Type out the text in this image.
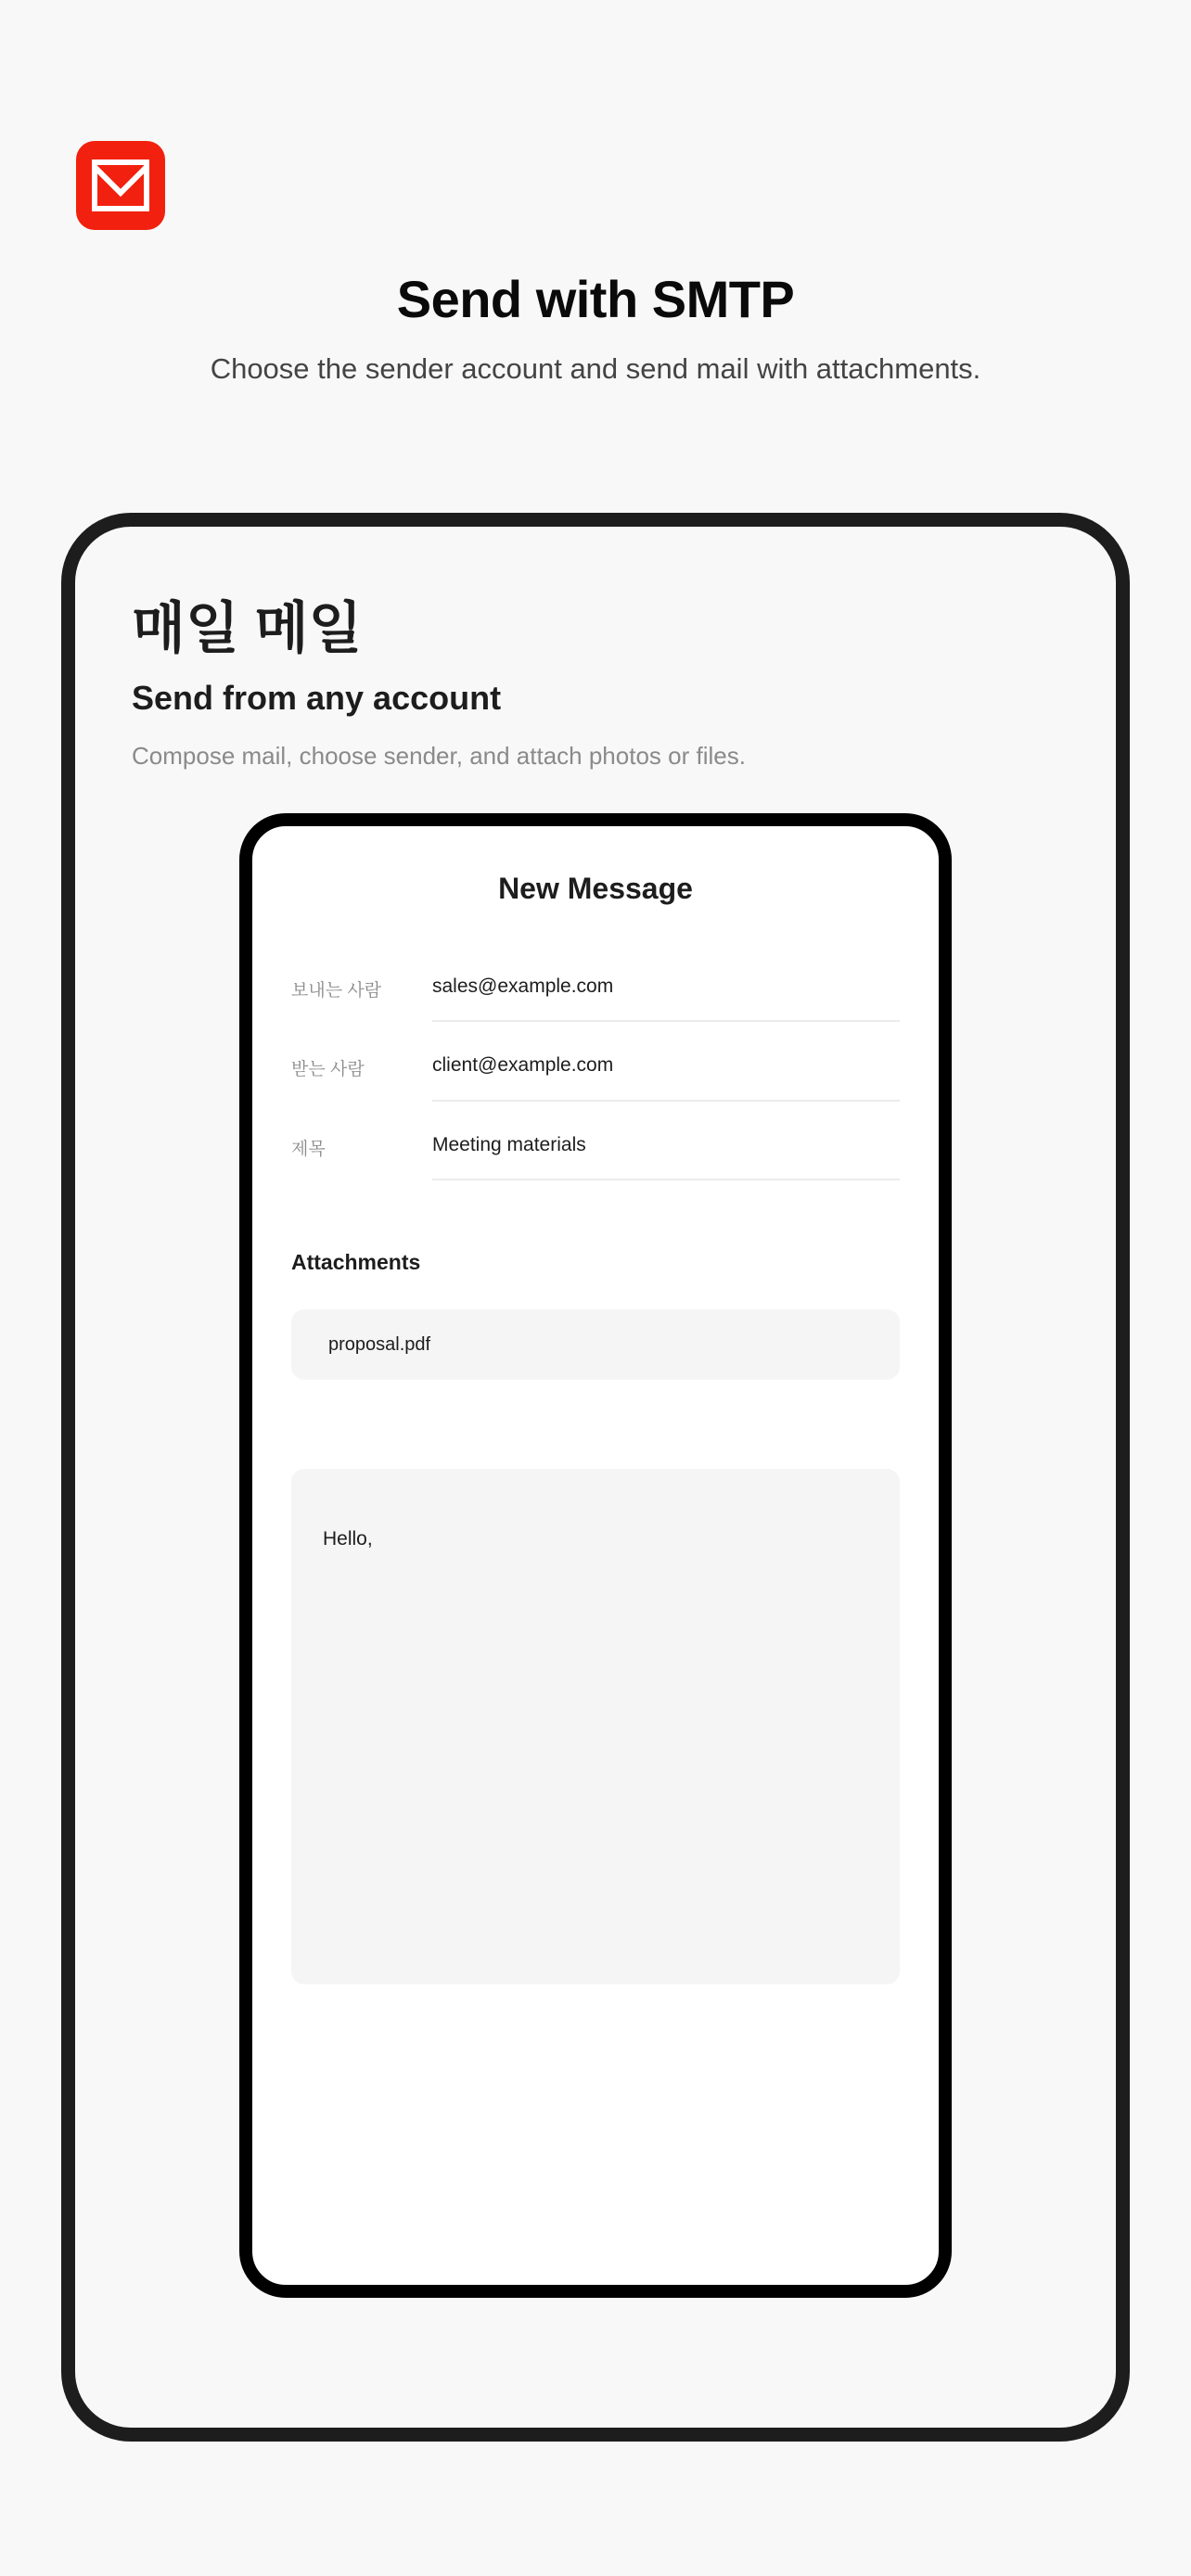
Send with SMTP
Choose the sender account and send mail with attachments.
매일 메일
Send from any account
Compose mail, choose sender, and attach photos or files.
New Message
보내는 사람	sales@example.com
받는 사람	client@example.com
제목	Meeting materials
Attachments
proposal.pdf
Hello,
